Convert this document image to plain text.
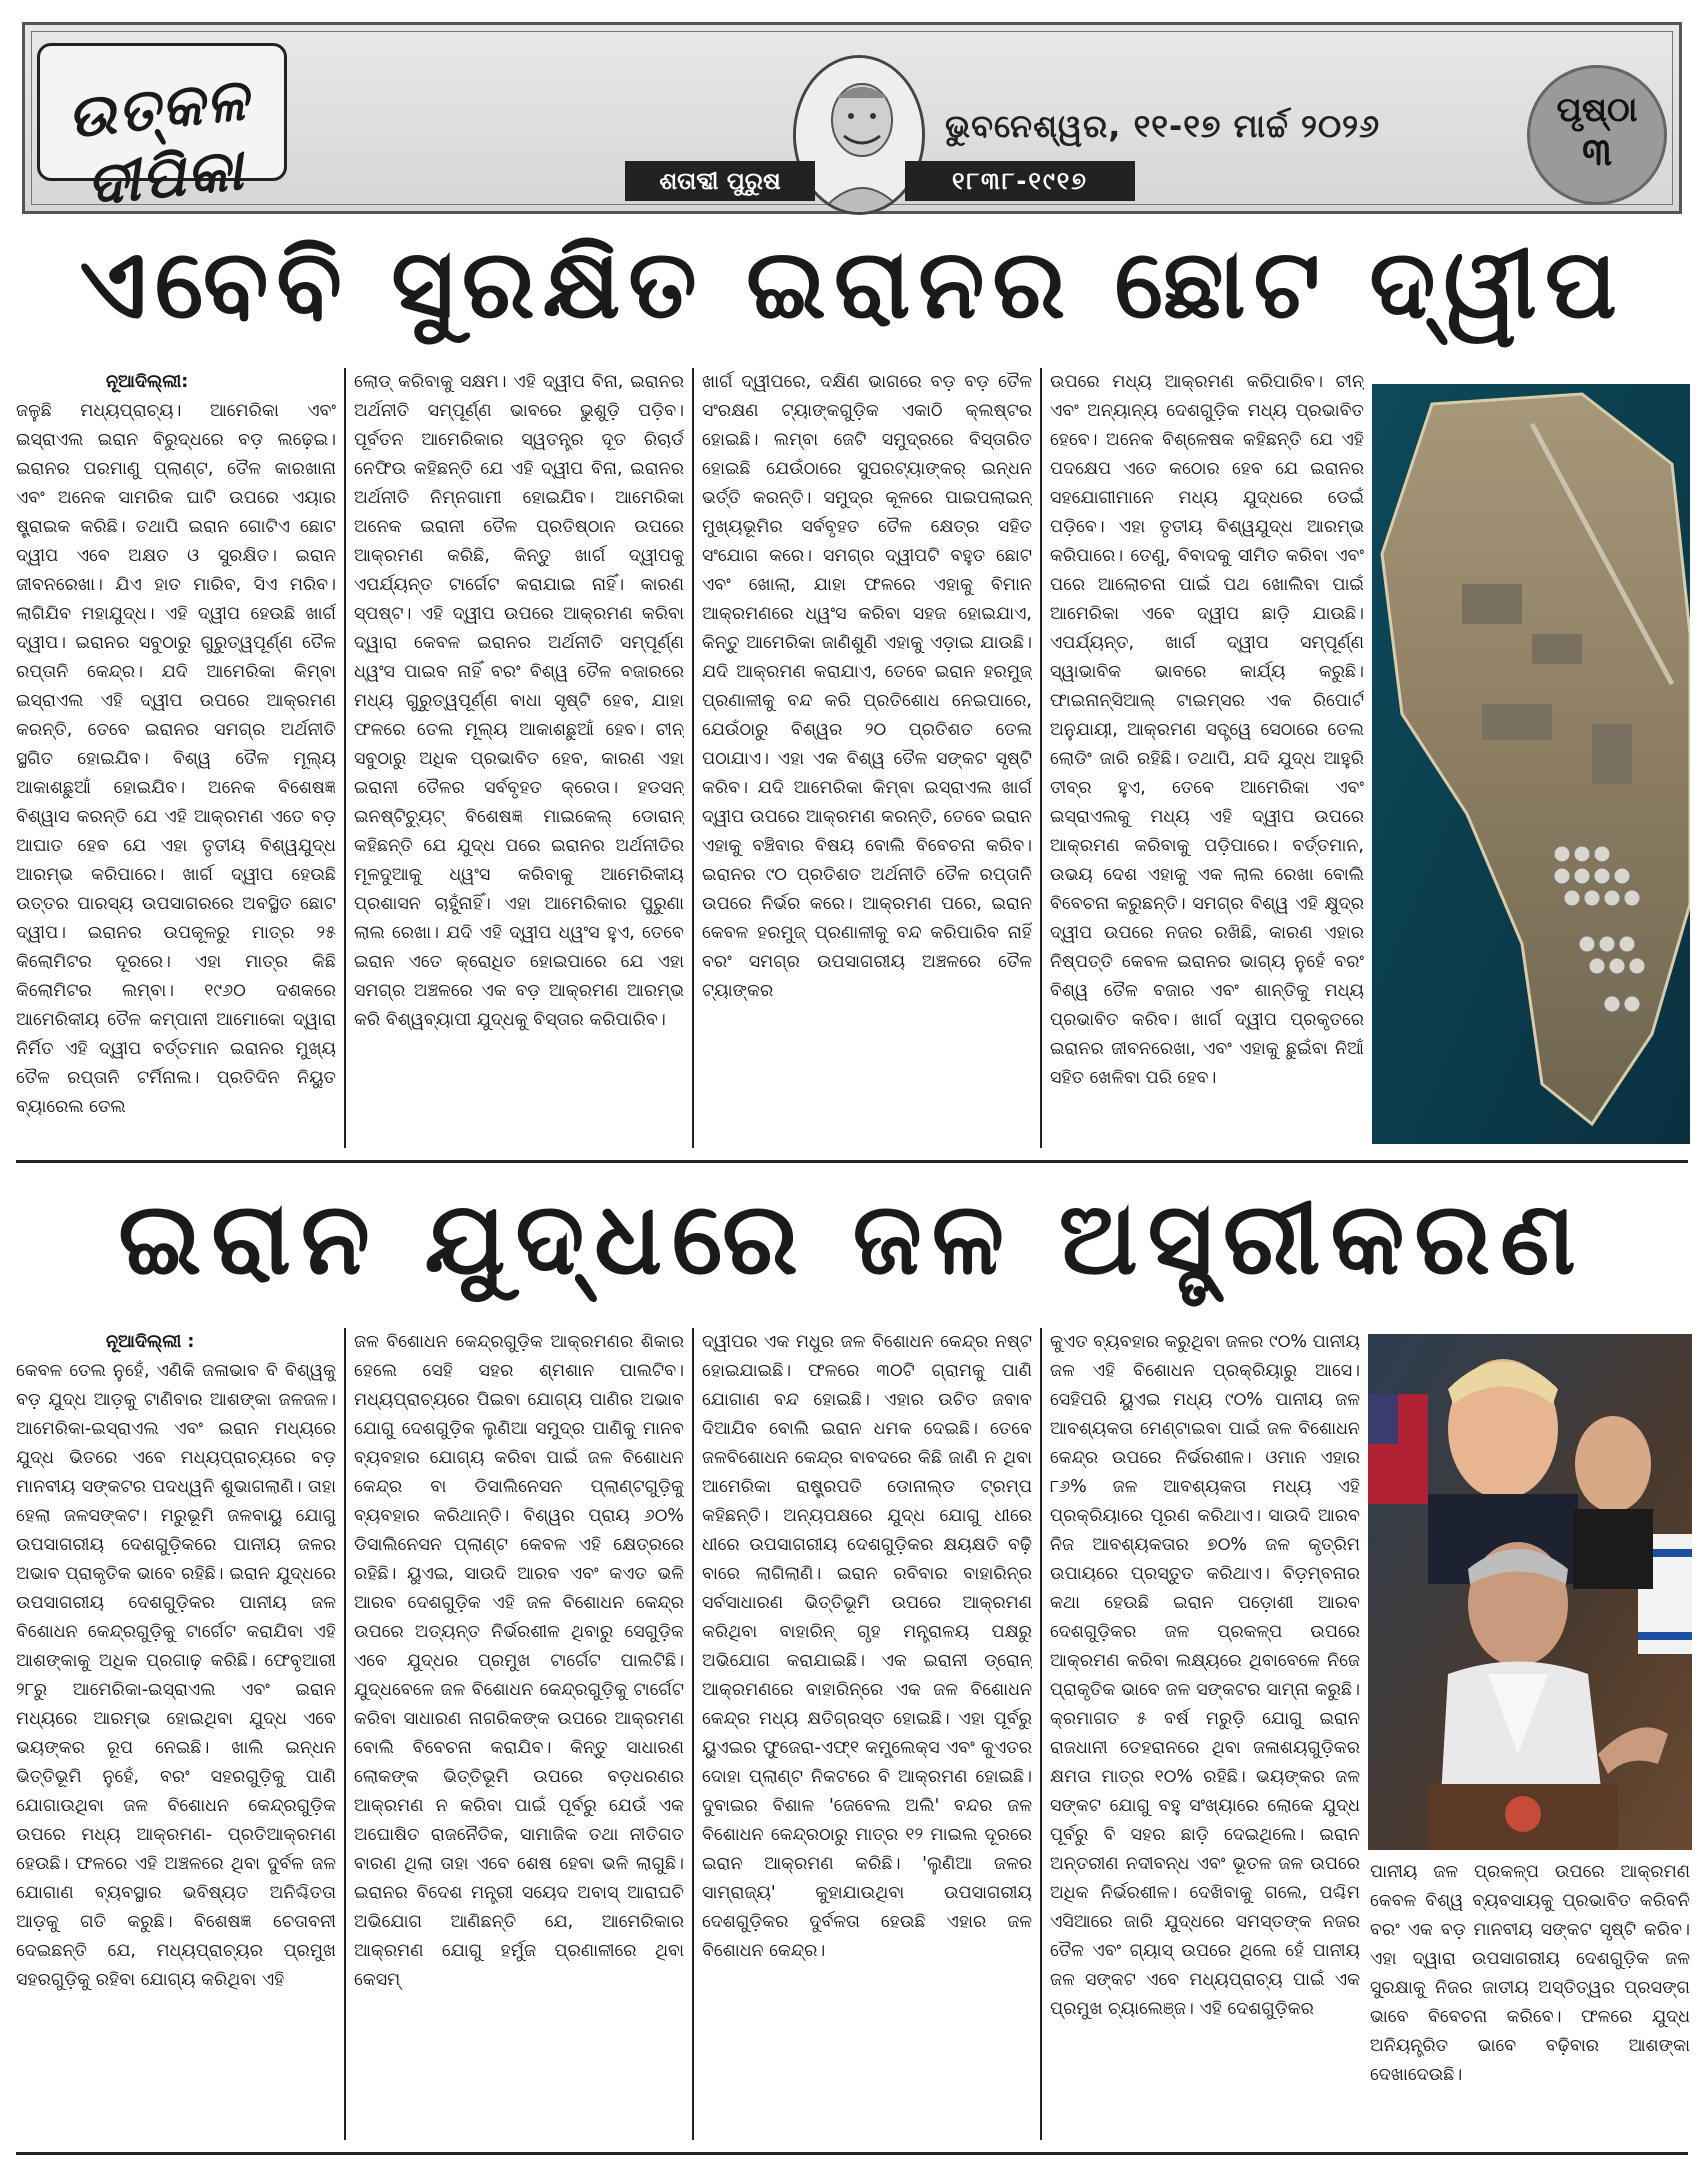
ଉତ୍କଳ ଦୀପିକା
ଭୁବନେଶ୍ୱର, ୧୧-୧୭ ମାର୍ଚ୍ଚ ୨୦୨୬
ଶତାବ୍ଦୀ ପୁରୁଷ	୧୮୩୮-୧୯୧୭
ପୃଷ୍ଠା
୩
ଏବେବି ସୁରକ୍ଷିତ ଇରାନର ଛୋଟ ଦ୍ୱୀପ
ନୂଆଦିଲ୍ଲୀ:
ଜଳୁଛି ମଧ୍ୟପ୍ରାଚ୍ୟ। ଆମେରିକା ଏବଂ ଇସ୍ରାଏଲ ଇରାନ ବିରୁଦ୍ଧରେ ବଡ଼ ଲଢ଼େଇ। ଇରାନର ପରମାଣୁ ପ୍ଲାଣ୍ଟ, ତୈଳ କାରଖାନା ଏବଂ ଅନେକ ସାମରିକ ଘାଟି ଉପରେ ଏୟାର ଷ୍ଟ୍ରାଇକ କରିଛି। ତଥାପି ଇରାନ ଗୋଟିଏ ଛୋଟ ଦ୍ୱୀପ ଏବେ ଅକ୍ଷତ ଓ ସୁରକ୍ଷିତ। ଇରାନ ଜୀବନରେଖା। ଯିଏ ହାତ ମାରିବ, ସିଏ ମରିବ। ଲାଗିଯିବ ମହାଯୁଦ୍ଧ। ଏହି ଦ୍ୱୀପ ହେଉଛି ଖାର୍ଗ ଦ୍ୱୀପ। ଇରାନର ସବୁଠାରୁ ଗୁରୁତ୍ୱପୂର୍ଣ୍ଣ ତୈଳ ରପ୍ତାନି କେନ୍ଦ୍ର। ଯଦି ଆମେରିକା କିମ୍ବା ଇସ୍ରାଏଲ ଏହି ଦ୍ୱୀପ ଉପରେ ଆକ୍ରମଣ କରନ୍ତି, ତେବେ ଇରାନର ସମଗ୍ର ଅର୍ଥନୀତି ସ୍ଥଗିତ ହୋଇଯିବ। ବିଶ୍ୱ ତୈଳ ମୂଲ୍ୟ ଆକାଶଛୁଆଁ ହୋଇଯିବ। ଅନେକ ବିଶେଷଜ୍ଞ ବିଶ୍ୱାସ କରନ୍ତି ଯେ ଏହି ଆକ୍ରମଣ ଏତେ ବଡ଼ ଆଘାତ ହେବ ଯେ ଏହା ତୃତୀୟ ବିଶ୍ୱଯୁଦ୍ଧ ଆରମ୍ଭ କରିପାରେ। ଖାର୍ଗ ଦ୍ୱୀପ ହେଉଛି ଉତ୍ତର ପାରସ୍ୟ ଉପସାଗରରେ ଅବସ୍ଥିତ ଛୋଟ ଦ୍ୱୀପ। ଇରାନର ଉପକୂଳରୁ ମାତ୍ର ୨୫ କିଲୋମିଟର ଦୂରରେ। ଏହା ମାତ୍ର କିଛି କିଲୋମିଟର ଲମ୍ବା। ୧୯୬୦ ଦଶକରେ ଆମେରିକୀୟ ତୈଳ କମ୍ପାନୀ ଆମୋକୋ ଦ୍ୱାରା ନିର୍ମିତ ଏହି ଦ୍ୱୀପ ବର୍ତ୍ତମାନ ଇରାନର ମୁଖ୍ୟ ତୈଳ ରପ୍ତାନି ଟର୍ମିନାଲ। ପ୍ରତିଦିନ ନିୟୁତ ବ୍ୟାରେଲ ତେଲ
ଲୋଡ୍ କରିବାକୁ ସକ୍ଷମ। ଏହି ଦ୍ୱୀପ ବିନା, ଇରାନର ଅର୍ଥନୀତି ସମ୍ପୂର୍ଣ୍ଣ ଭାବରେ ଭୁଶୁଡ଼ି ପଡ଼ିବ। ପୂର୍ବତନ ଆମେରିକାର ସ୍ୱତନ୍ତ୍ର ଦୂତ ରିଚାର୍ଡ ନେଫିଉ କହିଛନ୍ତି ଯେ ଏହି ଦ୍ୱୀପ ବିନା, ଇରାନର ଅର୍ଥନୀତି ନିମ୍ନଗାମୀ ହୋଇଯିବ। ଆମେରିକା ଅନେକ ଇରାନୀ ତୈଳ ପ୍ରତିଷ୍ଠାନ ଉପରେ ଆକ୍ରମଣ କରିଛି, କିନ୍ତୁ ଖାର୍ଗ ଦ୍ୱୀପକୁ ଏପର୍ଯ୍ୟନ୍ତ ଟାର୍ଗେଟ କରାଯାଇ ନାହିଁ। କାରଣ ସ୍ପଷ୍ଟ। ଏହି ଦ୍ୱୀପ ଉପରେ ଆକ୍ରମଣ କରିବା ଦ୍ୱାରା କେବଳ ଇରାନର ଅର୍ଥନୀତି ସମ୍ପୂର୍ଣ୍ଣ ଧ୍ୱଂସ ପାଇବ ନାହିଁ ବରଂ ବିଶ୍ୱ ତୈଳ ବଜାରରେ ମଧ୍ୟ ଗୁରୁତ୍ୱପୂର୍ଣ୍ଣ ବାଧା ସୃଷ୍ଟି ହେବ, ଯାହା ଫଳରେ ତେଲ ମୂଲ୍ୟ ଆକାଶଛୁଆଁ ହେବ। ଚୀନ୍ ସବୁଠାରୁ ଅଧିକ ପ୍ରଭାବିତ ହେବ, କାରଣ ଏହା ଇରାନୀ ତୈଳର ସର୍ବବୃହତ କ୍ରେତା। ହଡସନ୍ ଇନଷ୍ଟିଚ୍ୟୁଟ୍ ବିଶେଷଜ୍ଞ ମାଇକେଲ୍ ଡୋରାନ୍ କହିଛନ୍ତି ଯେ ଯୁଦ୍ଧ ପରେ ଇରାନର ଅର୍ଥନୀତିର ମୂଳଦୁଆକୁ ଧ୍ୱଂସ କରିବାକୁ ଆମେରିକୀୟ ପ୍ରଶାସନ ଚାହୁଁନାହିଁ। ଏହା ଆମେରିକାର ପୁରୁଣା ଲାଲ ରେଖା। ଯଦି ଏହି ଦ୍ୱୀପ ଧ୍ୱଂସ ହୁଏ, ତେବେ ଇରାନ ଏତେ କ୍ରୋଧିତ ହୋଇପାରେ ଯେ ଏହା ସମଗ୍ର ଅଞ୍ଚଳରେ ଏକ ବଡ଼ ଆକ୍ରମଣ ଆରମ୍ଭ କରି ବିଶ୍ୱବ୍ୟାପୀ ଯୁଦ୍ଧକୁ ବିସ୍ତାର କରିପାରିବ।
ଖାର୍ଗ ଦ୍ୱୀପରେ, ଦକ୍ଷିଣ ଭାଗରେ ବଡ଼ ବଡ଼ ତୈଳ ସଂରକ୍ଷଣ ଟ୍ୟାଙ୍କଗୁଡ଼ିକ ଏକାଠି କ୍ଲଷ୍ଟର ହୋଇଛି। ଲମ୍ବା ଜେଟି ସମୁଦ୍ରରେ ବିସ୍ତାରିତ ହୋଇଛି ଯେଉଁଠାରେ ସୁପରଟ୍ୟାଙ୍କର୍ ଇନ୍ଧନ ଭର୍ତ୍ତି କରନ୍ତି। ସମୁଦ୍ର କୂଳରେ ପାଇପଲାଇନ୍ ମୁଖ୍ୟଭୂମିର ସର୍ବବୃହତ ତୈଳ କ୍ଷେତ୍ର ସହିତ ସଂଯୋଗ କରେ। ସମଗ୍ର ଦ୍ୱୀପଟି ବହୁତ ଛୋଟ ଏବଂ ଖୋଲା, ଯାହା ଫଳରେ ଏହାକୁ ବିମାନ ଆକ୍ରମଣରେ ଧ୍ୱଂସ କରିବା ସହଜ ହୋଇଯାଏ, କିନ୍ତୁ ଆମେରିକା ଜାଣିଶୁଣି ଏହାକୁ ଏଡ଼ାଇ ଯାଉଛି। ଯଦି ଆକ୍ରମଣ କରାଯାଏ, ତେବେ ଇରାନ ହରମୁଜ୍ ପ୍ରଣାଳୀକୁ ବନ୍ଦ କରି ପ୍ରତିଶୋଧ ନେଇପାରେ, ଯେଉଁଠାରୁ ବିଶ୍ୱର ୨୦ ପ୍ରତିଶତ ତେଲ ପଠାଯାଏ। ଏହା ଏକ ବିଶ୍ୱ ତୈଳ ସଙ୍କଟ ସୃଷ୍ଟି କରିବ। ଯଦି ଆମେରିକା କିମ୍ବା ଇସ୍ରାଏଲ ଖାର୍ଗ ଦ୍ୱୀପ ଉପରେ ଆକ୍ରମଣ କରନ୍ତି, ତେବେ ଇରାନ ଏହାକୁ ବଞ୍ଚିବାର ବିଷୟ ବୋଲି ବିବେଚନା କରିବ। ଇରାନର ୯୦ ପ୍ରତିଶତ ଅର୍ଥନୀତି ତୈଳ ରପ୍ତାନି ଉପରେ ନିର୍ଭର କରେ। ଆକ୍ରମଣ ପରେ, ଇରାନ କେବଳ ହରମୁଜ୍ ପ୍ରଣାଳୀକୁ ବନ୍ଦ କରିପାରିବ ନାହିଁ ବରଂ ସମଗ୍ର ଉପସାଗରୀୟ ଅଞ୍ଚଳରେ ତୈଳ ଟ୍ୟାଙ୍କର
ଉପରେ ମଧ୍ୟ ଆକ୍ରମଣ କରିପାରିବ। ଚୀନ୍ ଏବଂ ଅନ୍ୟାନ୍ୟ ଦେଶଗୁଡ଼ିକ ମଧ୍ୟ ପ୍ରଭାବିତ ହେବେ। ଅନେକ ବିଶ୍ଳେଷକ କହିଛନ୍ତି ଯେ ଏହି ପଦକ୍ଷେପ ଏତେ କଠୋର ହେବ ଯେ ଇରାନର ସହଯୋଗୀମାନେ ମଧ୍ୟ ଯୁଦ୍ଧରେ ଡେଇଁ ପଡ଼ିବେ। ଏହା ତୃତୀୟ ବିଶ୍ୱଯୁଦ୍ଧ ଆରମ୍ଭ କରିପାରେ। ତେଣୁ, ବିବାଦକୁ ସୀମିତ କରିବା ଏବଂ ପରେ ଆଲୋଚନା ପାଇଁ ପଥ ଖୋଲିବା ପାଇଁ ଆମେରିକା ଏବେ ଦ୍ୱୀପ ଛାଡ଼ି ଯାଉଛି। ଏପର୍ଯ୍ୟନ୍ତ, ଖାର୍ଗ ଦ୍ୱୀପ ସମ୍ପୂର୍ଣ୍ଣ ସ୍ୱାଭାବିକ ଭାବରେ କାର୍ଯ୍ୟ କରୁଛି। ଫାଇନାନ୍ସିଆଲ୍ ଟାଇମ୍ସର ଏକ ରିପୋର୍ଟ ଅନୁଯାୟୀ, ଆକ୍ରମଣ ସତ୍ତ୍ୱେ ସେଠାରେ ତେଲ ଲୋଡିଂ ଜାରି ରହିଛି। ତଥାପି, ଯଦି ଯୁଦ୍ଧ ଆହୁରି ତୀବ୍ର ହୁଏ, ତେବେ ଆମେରିକା ଏବଂ ଇସ୍ରାଏଲକୁ ମଧ୍ୟ ଏହି ଦ୍ୱୀପ ଉପରେ ଆକ୍ରମଣ କରିବାକୁ ପଡ଼ିପାରେ। ବର୍ତ୍ତମାନ, ଉଭୟ ଦେଶ ଏହାକୁ ଏକ ଲାଲ ରେଖା ବୋଲି ବିବେଚନା କରୁଛନ୍ତି। ସମଗ୍ର ବିଶ୍ୱ ଏହି କ୍ଷୁଦ୍ର ଦ୍ୱୀପ ଉପରେ ନଜର ରଖିଛି, କାରଣ ଏହାର ନିଷ୍ପତ୍ତି କେବଳ ଇରାନର ଭାଗ୍ୟ ନୁହେଁ ବରଂ ବିଶ୍ୱ ତୈଳ ବଜାର ଏବଂ ଶାନ୍ତିକୁ ମଧ୍ୟ ପ୍ରଭାବିତ କରିବ। ଖାର୍ଗ ଦ୍ୱୀପ ପ୍ରକୃତରେ ଇରାନର ଜୀବନରେଖା, ଏବଂ ଏହାକୁ ଛୁଇଁବା ନିଆଁ ସହିତ ଖେଳିବା ପରି ହେବ।
ଇରାନ ଯୁଦ୍ଧରେ ଜଳ ଅସ୍ତ୍ରୀକରଣ
ନୂଆଦିଲ୍ଲୀ :
କେବଳ ତେଲ ନୁହେଁ, ଏଣିକି ଜଳାଭାବ ବି ବିଶ୍ୱକୁ ବଡ଼ ଯୁଦ୍ଧ ଆଡ଼କୁ ଟାଣିବାର ଆଶଙ୍କା ଜଳଜଳ। ଆମେରିକା-ଇସ୍ରାଏଲ ଏବଂ ଇରାନ ମଧ୍ୟରେ ଯୁଦ୍ଧ ଭିତରେ ଏବେ ମଧ୍ୟପ୍ରାଚ୍ୟରେ ବଡ଼ ମାନବୀୟ ସଙ୍କଟର ପଦଧ୍ୱନି ଶୁଭାଗଲାଣି। ତାହା ହେଲା ଜଳସଙ୍କଟ। ମରୁଭୂମି ଜଳବାୟୁ ଯୋଗୁ ଉପସାଗରୀୟ ଦେଶଗୁଡ଼ିକରେ ପାନୀୟ ଜଳର ଅଭାବ ପ୍ରାକୃତିକ ଭାବେ ରହିଛି। ଇରାନ ଯୁଦ୍ଧରେ ଉପସାଗରୀୟ ଦେଶଗୁଡ଼ିକର ପାନୀୟ ଜଳ ବିଶୋଧନ କେନ୍ଦ୍ରଗୁଡ଼ିକୁ ଟାର୍ଗେଟ କରାଯିବା ଏହି ଆଶଙ୍କାକୁ ଅଧିକ ପ୍ରଗାଢ଼ କରିଛି। ଫେବୃଆରୀ ୨୮ରୁ ଆମେରିକା-ଇସ୍ରାଏଲ ଏବଂ ଇରାନ ମଧ୍ୟରେ ଆରମ୍ଭ ହୋଇଥିବା ଯୁଦ୍ଧ ଏବେ ଭୟଙ୍କର ରୂପ ନେଇଛି। ଖାଲି ଇନ୍ଧନ ଭିତ୍ତିଭୂମି ନୁହେଁ, ବରଂ ସହରଗୁଡ଼ିକୁ ପାଣି ଯୋଗାଉଥିବା ଜଳ ବିଶୋଧନ କେନ୍ଦ୍ରଗୁଡ଼ିକ ଉପରେ ମଧ୍ୟ ଆକ୍ରମଣ- ପ୍ରତିଆକ୍ରମଣ ହେଉଛି। ଫଳରେ ଏହି ଅଞ୍ଚଳରେ ଥିବା ଦୁର୍ବଳ ଜଳ ଯୋଗାଣ ବ୍ୟବସ୍ଥାର ଭବିଷ୍ୟତ ଅନିଶ୍ଚିତତା ଆଡ଼କୁ ଗତି କରୁଛି। ବିଶେଷଜ୍ଞ ଚେତାବନୀ ଦେଇଛନ୍ତି ଯେ, ମଧ୍ୟପ୍ରାଚ୍ୟର ପ୍ରମୁଖ ସହରଗୁଡ଼ିକୁ ରହିବା ଯୋଗ୍ୟ କରିଥିବା ଏହି
ଜଳ ବିଶୋଧନ କେନ୍ଦ୍ରଗୁଡ଼ିକ ଆକ୍ରମଣର ଶିକାର ହେଲେ ସେହି ସହର ଶ୍ମଶାନ ପାଲଟିବ। ମଧ୍ୟପ୍ରାଚ୍ୟରେ ପିଇବା ଯୋଗ୍ୟ ପାଣିର ଅଭାବ ଯୋଗୁ ଦେଶଗୁଡ଼ିକ ଲୁଣିଆ ସମୁଦ୍ର ପାଣିକୁ ମାନବ ବ୍ୟବହାର ଯୋଗ୍ୟ କରିବା ପାଇଁ ଜଳ ବିଶୋଧନ କେନ୍ଦ୍ର ବା ଡିସାଲିନେସନ ପ୍ଲାଣ୍ଟଗୁଡ଼ିକୁ ବ୍ୟବହାର କରିଥାନ୍ତି। ବିଶ୍ୱର ପ୍ରାୟ ୬୦% ଡିସାଲିନେସନ ପ୍ଲାଣ୍ଟ କେବଳ ଏହି କ୍ଷେତ୍ରରେ ରହିଛି। ୟୁଏଇ, ସାଉଦି ଆରବ ଏବଂ କଏତ ଭଳି ଆରବ ଦେଶଗୁଡ଼ିକ ଏହି ଜଳ ବିଶୋଧନ କେନ୍ଦ୍ର ଉପରେ ଅତ୍ୟନ୍ତ ନିର୍ଭରଶୀଳ ଥିବାରୁ ସେଗୁଡ଼ିକ ଏବେ ଯୁଦ୍ଧର ପ୍ରମୁଖ ଟାର୍ଗେଟ ପାଲଟିଛି। ଯୁଦ୍ଧବେଳେ ଜଳ ବିଶୋଧନ କେନ୍ଦ୍ରଗୁଡ଼ିକୁ ଟାର୍ଗେଟ କରିବା ସାଧାରଣ ନାଗରିକଙ୍କ ଉପରେ ଆକ୍ରମଣ ବୋଲି ବିବେଚନା କରାଯିବ। କିନ୍ତୁ ସାଧାରଣ ଲୋକଙ୍କ ଭିତ୍ତିଭୂମି ଉପରେ ବଡ଼ଧରଣର ଆକ୍ରମଣ ନ କରିବା ପାଇଁ ପୂର୍ବରୁ ଯେଉଁ ଏକ ଅଘୋଷିତ ରାଜନୈତିକ, ସାମାଜିକ ତଥା ନୀତିଗତ ବାରଣ ଥିଲା ତାହା ଏବେ ଶେଷ ହେବା ଭଳି ଲାଗୁଛି। ଇରାନର ବିଦେଶ ମନ୍ତ୍ରୀ ସୟେଦ ଅବାସ୍ ଆରାଘଚି ଅଭିଯୋଗ ଆଣିଛନ୍ତି ଯେ, ଆମେରିକାର ଆକ୍ରମଣ ଯୋଗୁ ହର୍ମୁଜ ପ୍ରଣାଳୀରେ ଥିବା କେସମ୍
ଦ୍ୱୀପର ଏକ ମଧୁର ଜଳ ବିଶୋଧନ କେନ୍ଦ୍ର ନଷ୍ଟ ହୋଇଯାଇଛି। ଫଳରେ ୩୦ଟି ଗ୍ରାମକୁ ପାଣି ଯୋଗାଣ ବନ୍ଦ ହୋଇଛି। ଏହାର ଉଚିତ ଜବାବ ଦିଆଯିବ ବୋଲି ଇରାନ ଧମକ ଦେଇଛି। ତେବେ ଜଳବିଶୋଧନ କେନ୍ଦ୍ର ବାବଦରେ କିଛି ଜାଣି ନ ଥିବା ଆମେରିକା ରାଷ୍ଟ୍ରପତି ଡୋନାଲ୍ଡ ଟ୍ରମ୍ପ କହିଛନ୍ତି। ଅନ୍ୟପକ୍ଷରେ ଯୁଦ୍ଧ ଯୋଗୁ ଧୀରେ ଧୀରେ ଉପସାଗରୀୟ ଦେଶଗୁଡ଼ିକର କ୍ଷୟକ୍ଷତି ବଢ଼ି ବାରେ ଲାଗିଲାଣି। ଇରାନ ରବିବାର ବାହାରିନ୍ର ସର୍ବସାଧାରଣ ଭିତ୍ତିଭୂମି ଉପରେ ଆକ୍ରମଣ କରିଥିବା ବାହାରିନ୍ ଗୃହ ମନ୍ତ୍ରାଳୟ ପକ୍ଷରୁ ଅଭିଯୋଗ କରାଯାଇଛି। ଏକ ଇରାନୀ ଡ୍ରୋନ୍ ଆକ୍ରମଣରେ ବାହାରିନ୍ରେ ଏକ ଜଳ ବିଶୋଧନ କେନ୍ଦ୍ର ମଧ୍ୟ କ୍ଷତିଗ୍ରସ୍ତ ହୋଇଛି। ଏହା ପୂର୍ବରୁ ୟୁଏଇର ଫୁଜେରା-ଏଫ୍୧ କମ୍ପ୍ଲେକ୍ସ ଏବଂ କୁଏତର ଦୋହା ପ୍ଲାଣ୍ଟ ନିକଟରେ ବି ଆକ୍ରମଣ ହୋଇଛି। ଦୁବାଇର ବିଶାଳ 'ଜେବେଲ ଅଲି' ବନ୍ଦର ଜଳ ବିଶୋଧନ କେନ୍ଦ୍ରଠାରୁ ମାତ୍ର ୧୨ ମାଇଲ ଦୂରରେ ଇରାନ ଆକ୍ରମଣ କରିଛି। 'ଲୁଣିଆ ଜଳର ସାମ୍ରାଜ୍ୟ' କୁହାଯାଉଥିବା ଉପସାଗରୀୟ ଦେଶଗୁଡ଼ିକର ଦୁର୍ବଳତା ହେଉଛି ଏହାର ଜଳ ବିଶୋଧନ କେନ୍ଦ୍ର।
କୁଏତ ବ୍ୟବହାର କରୁଥିବା ଜଳର ୯୦% ପାନୀୟ ଜଳ ଏହି ବିଶୋଧନ ପ୍ରକ୍ରିୟାରୁ ଆସେ। ସେହିପରି ୟୁଏଇ ମଧ୍ୟ ୯୦% ପାନୀୟ ଜଳ ଆବଶ୍ୟକତା ମେଣ୍ଟାଇବା ପାଇଁ ଜଳ ବିଶୋଧନ କେନ୍ଦ୍ର ଉପରେ ନିର୍ଭରଶୀଳ। ଓମାନ ଏହାର ୮୬% ଜଳ ଆବଶ୍ୟକତା ମଧ୍ୟ ଏହି ପ୍ରକ୍ରିୟାରେ ପୂରଣ କରିଥାଏ। ସାଉଦି ଆରବ ନିଜ ଆବଶ୍ୟକତାର ୭୦% ଜଳ କୃତ୍ରିମ ଉପାୟରେ ପ୍ରସ୍ତୁତ କରିଥାଏ। ବିଡ଼ମ୍ବନାର କଥା ହେଉଛି ଇରାନ ପଡ଼ୋଶୀ ଆରବ ଦେଶଗୁଡ଼ିକର ଜଳ ପ୍ରକଳ୍ପ ଉପରେ ଆକ୍ରମଣ କରିବା ଲକ୍ଷ୍ୟରେ ଥିବାବେଳେ ନିଜେ ପ୍ରାକୃତିକ ଭାବେ ଜଳ ସଙ୍କଟର ସାମ୍ନା କରୁଛି। କ୍ରମାଗତ ୫ ବର୍ଷ ମରୁଡ଼ି ଯୋଗୁ ଇରାନ ରାଜଧାନୀ ତେହରାନରେ ଥିବା ଜଳାଶୟଗୁଡ଼ିକର କ୍ଷମତା ମାତ୍ର ୧୦% ରହିଛି। ଭୟଙ୍କର ଜଳ ସଙ୍କଟ ଯୋଗୁ ବହୁ ସଂଖ୍ୟାରେ ଲୋକେ ଯୁଦ୍ଧ ପୂର୍ବରୁ ବି ସହର ଛାଡ଼ି ଦେଇଥିଲେ। ଇରାନ ଅନ୍ତରୀଣ ନଦୀବନ୍ଧ ଏବଂ ଭୂତଳ ଜଳ ଉପରେ ଅଧିକ ନିର୍ଭରଶୀଳ। ଦେଖିବାକୁ ଗଲେ, ପଶ୍ଚିମ ଏସିଆରେ ଜାରି ଯୁଦ୍ଧରେ ସମସ୍ତଙ୍କ ନଜର ତୈଳ ଏବଂ ଗ୍ୟାସ୍ ଉପରେ ଥିଲେ ହେଁ ପାନୀୟ ଜଳ ସଙ୍କଟ ଏବେ ମଧ୍ୟପ୍ରାଚ୍ୟ ପାଇଁ ଏକ ପ୍ରମୁଖ ଚ୍ୟାଲେଞ୍ଜ। ଏହି ଦେଶଗୁଡ଼ିକର
ପାନୀୟ ଜଳ ପ୍ରକଳ୍ପ ଉପରେ ଆକ୍ରମଣ କେବଳ ବିଶ୍ୱ ବ୍ୟବସାୟକୁ ପ୍ରଭାବିତ କରିବନି ବରଂ ଏକ ବଡ଼ ମାନବୀୟ ସଙ୍କଟ ସୃଷ୍ଟି କରିବ। ଏହା ଦ୍ୱାରା ଉପସାଗରୀୟ ଦେଶଗୁଡ଼ିକ ଜଳ ସୁରକ୍ଷାକୁ ନିଜର ଜାତୀୟ ଅସ୍ତିତ୍ୱର ପ୍ରସଙ୍ଗ ଭାବେ ବିବେଚନା କରିବେ। ଫଳରେ ଯୁଦ୍ଧ ଅନିୟନ୍ତ୍ରିତ ଭାବେ ବଢ଼ିବାର ଆଶଙ୍କା ଦେଖାଦେଉଛି।
